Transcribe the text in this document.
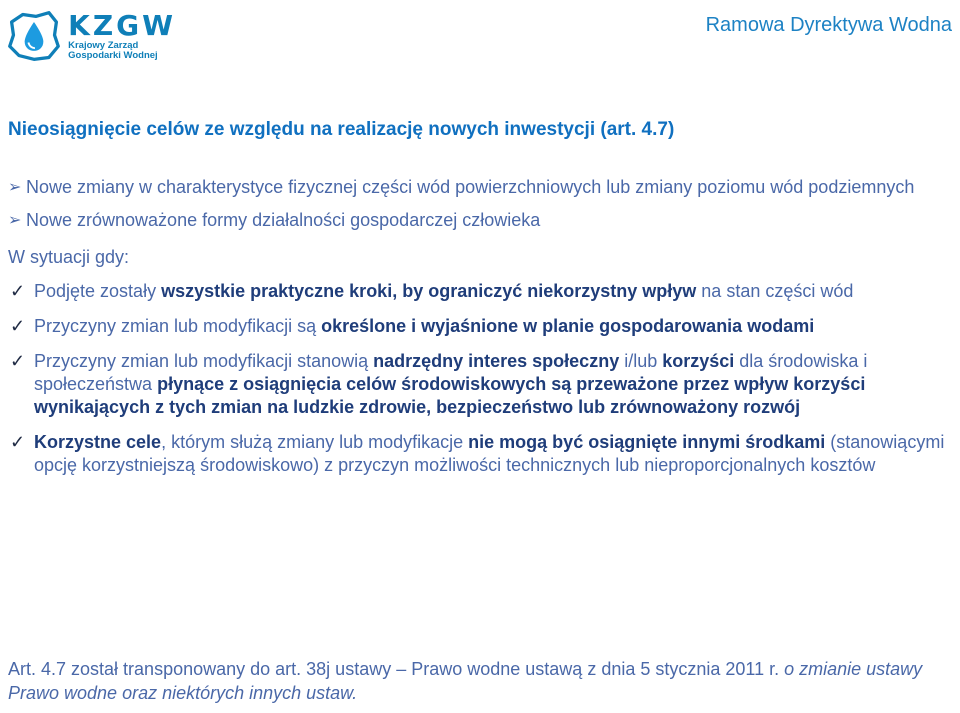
KZGW
Krajowy Zarząd
Gospodarki Wodnej
Ramowa Dyrektywa Wodna

Nieosiągnięcie celów ze względu na realizację nowych inwestycji (art. 4.7)

➢ Nowe zmiany w charakterystyce fizycznej części wód powierzchniowych lub zmiany poziomu wód podziemnych
➢ Nowe zrównoważone formy działalności gospodarczej człowieka
W sytuacji gdy:
✓ Podjęte zostały wszystkie praktyczne kroki, by ograniczyć niekorzystny wpływ na stan części wód
✓ Przyczyny zmian lub modyfikacji są określone i wyjaśnione w planie gospodarowania wodami
✓ Przyczyny zmian lub modyfikacji stanowią nadrzędny interes społeczny i/lub korzyści dla środowiska i społeczeństwa płynące z osiągnięcia celów środowiskowych są przeważone przez wpływ korzyści wynikających z tych zmian na ludzkie zdrowie, bezpieczeństwo lub zrównoważony rozwój
✓ Korzystne cele, którym służą zmiany lub modyfikacje nie mogą być osiągnięte innymi środkami (stanowiącymi opcję korzystniejszą środowiskowo) z przyczyn możliwości technicznych lub nieproporcjonalnych kosztów
Art. 4.7 został transponowany do art. 38j ustawy – Prawo wodne ustawą z dnia 5 stycznia 2011 r. o zmianie ustawy Prawo wodne oraz niektórych innych ustaw.
